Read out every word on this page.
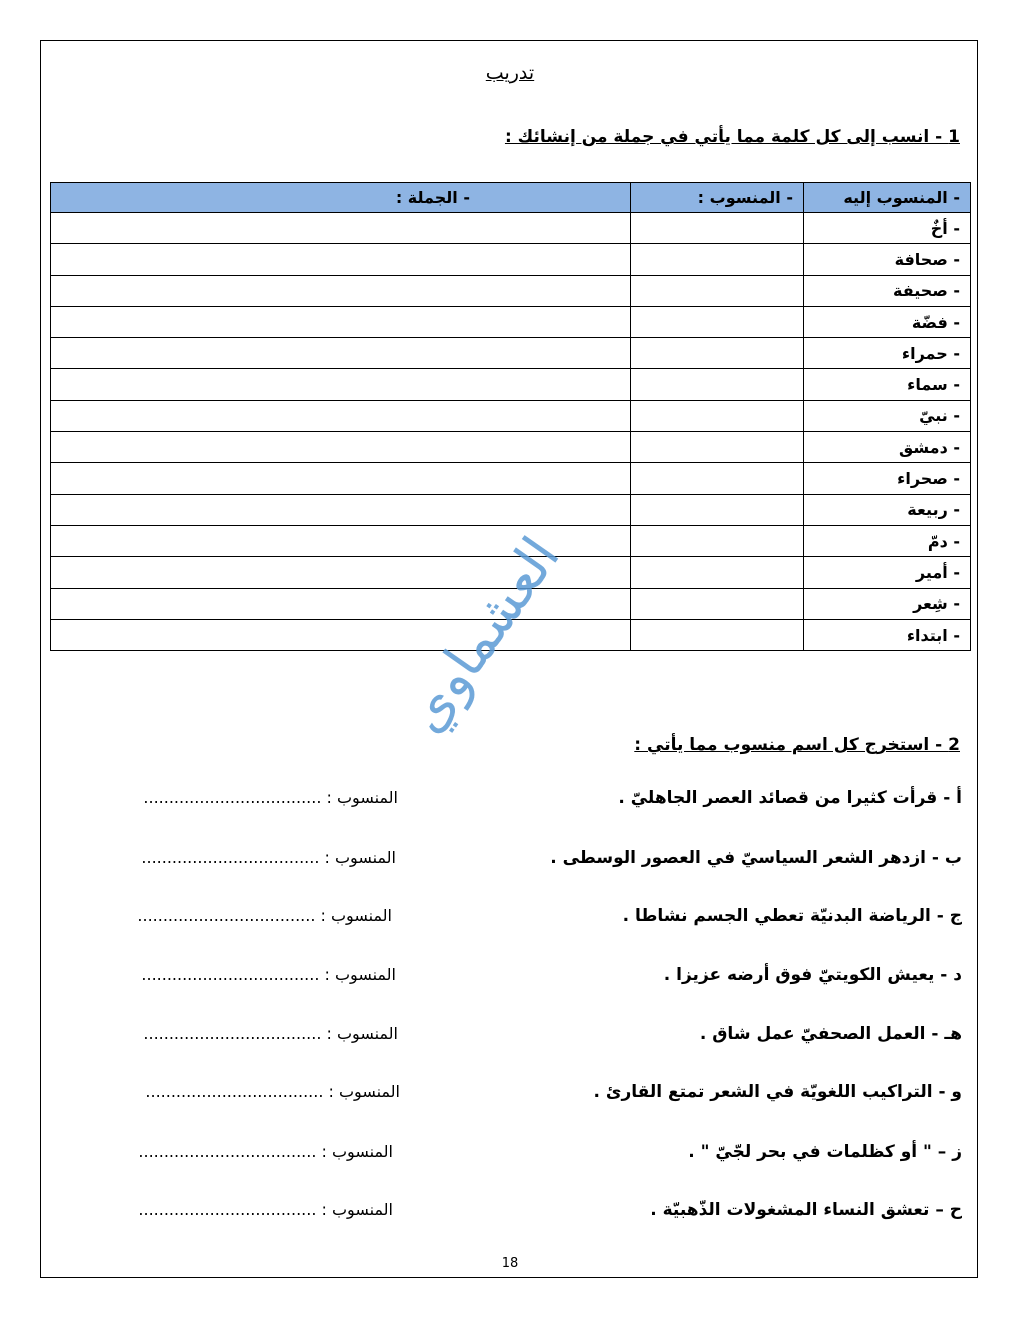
تدريب
1 - انسب إلى كل كلمة مما يأتي في جملة من إنشائك :
- المنسوب إليه	- المنسوب :	- الجملة :
- أخٌ		
- صحافة		
- صحيفة		
- فضّة		
- حمراء		
- سماء		
- نبيّ		
- دمشق		
- صحراء		
- ربيعة		
- دمّ		
- أمير		
- شِعر		
- ابتداء		
العشماوي
2 - استخرج كل اسم منسوب مما يأتي :
أ - قرأت كثيرا من قصائد العصر الجاهليّ .
المنسوب : ...................................
ب - ازدهر الشعر السياسيّ في العصور الوسطى .
المنسوب : ...................................
ج - الرياضة البدنيّة تعطي الجسم نشاطا .
المنسوب : ...................................
د - يعيش الكويتيّ فوق أرضه عزيزا .
المنسوب : ...................................
هـ - العمل الصحفيّ عمل شاق .
المنسوب : ...................................
و - التراكيب اللغويّة في الشعر تمتع القارئ .
المنسوب : ...................................
ز – " أو كظلمات في بحر لجّيّ " .
المنسوب : ...................................
ح – تعشق النساء المشغولات الذّهبيّة .
المنسوب : ...................................
18
